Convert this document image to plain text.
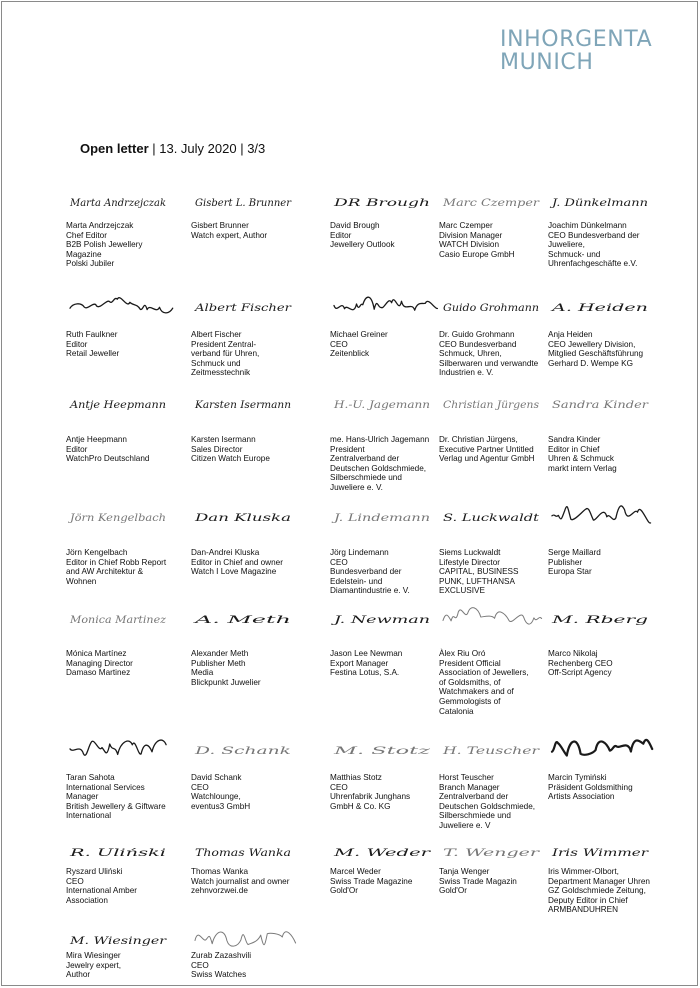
INHORGENTA
MUNICH
Open letter | 13. July 2020 | 3/3
Marta Andrzejczak
Marta Andrzejczak
Chef Editor
B2B Polish Jewellery Magazine
Polski Jubiler
Gisbert L. Brunner
Gisbert Brunner
Watch expert, Author
DR Brough
David Brough
Editor
Jewellery Outlook
Marc Czemper
Marc Czemper
Division Manager
WATCH Division
Casio Europe GmbH
J. Dünkelmann
Joachim Dünkelmann
CEO Bundesverband der Juweliere,
Schmuck- und Uhrenfachgeschäfte e.V.
Ruth Faulkner
Editor
Retail Jeweller
Albert Fischer
Albert Fischer
President Zentral-
verband für Uhren,
Schmuck und
Zeitmesstechnik
Michael Greiner
CEO
Zeitenblick
Guido Grohmann
Dr. Guido Grohmann
CEO Bundesverband
Schmuck, Uhren,
Silberwaren und verwandte
Industrien e. V.
A. Heiden
Anja Heiden
CEO Jewellery Division,
Mitglied Geschäftsführung
Gerhard D. Wempe KG
Antje Heepmann
Antje Heepmann
Editor
WatchPro Deutschland
Karsten Isermann
Karsten Isermann
Sales Director
Citizen Watch Europe
H.-U. Jagemann
me. Hans-Ulrich Jagemann
President
Zentralverband der
Deutschen Goldschmiede,
Silberschmiede und
Juweliere e. V.
Christian Jürgens
Dr. Christian Jürgens,
Executive Partner Untitled
Verlag und Agentur GmbH
Sandra Kinder
Sandra Kinder
Editor in Chief
Uhren & Schmuck
markt intern Verlag
Jörn Kengelbach
Jörn Kengelbach
Editor in Chief Robb Report
and AW Architektur &
Wohnen
Dan Kluska
Dan-Andrei Kluska
Editor in Chief and owner
Watch I Love Magazine
J. Lindemann
Jörg Lindemann
CEO
Bundesverband der
Edelstein- und
Diamantindustrie e. V.
S. Luckwaldt
Siems Luckwaldt
Lifestyle Director
CAPITAL, BUSINESS
PUNK, LUFTHANSA
EXCLUSIVE
Serge Maillard
Publisher
Europa Star
Monica Martinez
Mónica Martínez
Managing Director
Damaso Martinez
A. Meth
Alexander Meth
Publisher Meth
Media
Blickpunkt Juwelier
J. Newman
Jason Lee Newman
Export Manager
Festina Lotus, S.A.
Àlex Riu Oró
President Official
Association of Jewellers,
of Goldsmiths, of
Watchmakers and of
Gemmologists of
Catalonia
M. Rberg
Marco Nikolaj
Rechenberg CEO
Off-Script Agency
Taran Sahota
International Services Manager
British Jewellery & Giftware
International
D. Schank
David Schank
CEO
Watchlounge,
eventus3 GmbH
M. Stotz
Matthias Stotz
CEO
Uhrenfabrik Junghans
GmbH & Co. KG
H. Teuscher
Horst Teuscher
Branch Manager
Zentralverband der
Deutschen Goldschmiede,
Silberschmiede und
Juweliere e. V
Marcin Tymiński
Präsident Goldsmithing
Artists Association
R. Uliński
Ryszard Uliński
CEO
International Amber
Association
Thomas Wanka
Thomas Wanka
Watch journalist and owner
zehnvorzwei.de
M. Weder
Marcel Weder
Swiss Trade Magazine
Gold'Or
T. Wenger
Tanja Wenger
Swiss Trade Magazin
Gold'Or
Iris Wimmer
Iris Wimmer-Olbort,
Department Manager Uhren
GZ Goldschmiede Zeitung,
Deputy Editor in Chief
ARMBANDUHREN
M. Wiesinger
Mira Wiesinger
Jewelry expert,
Author
Zurab Zazashvili
CEO
Swiss Watches
